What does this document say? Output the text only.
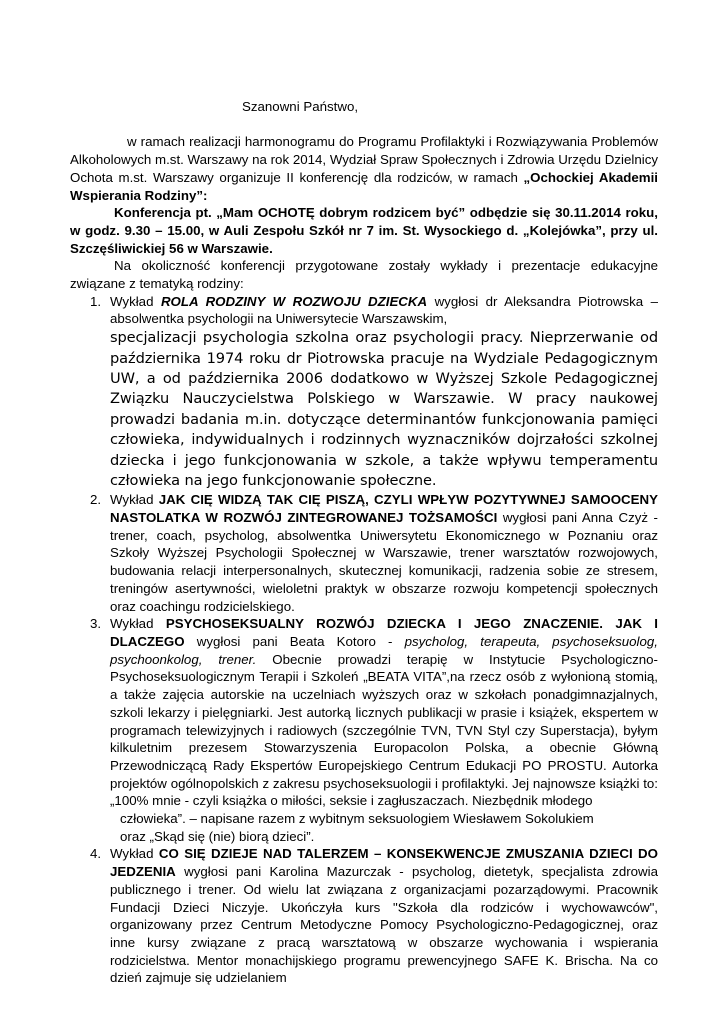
Szanowni Państwo,
w ramach realizacji harmonogramu do Programu Profilaktyki i Rozwiązywania Problemów Alkoholowych m.st. Warszawy na rok 2014, Wydział Spraw Społecznych i Zdrowia Urzędu Dzielnicy Ochota m.st. Warszawy organizuje II konferencję dla rodziców, w ramach „Ochockiej Akademii Wspierania Rodziny”:
Konferencja pt. „Mam OCHOTĘ dobrym rodzicem być” odbędzie się 30.11.2014 roku, w godz. 9.30 – 15.00, w Auli Zespołu Szkół nr 7 im. St. Wysockiego d. „Kolejówka”, przy ul. Szczęśliwickiej 56 w Warszawie.
Na okoliczność konferencji przygotowane zostały wykłady i prezentacje edukacyjne związane z tematyką rodziny:
1. Wykład ROLA RODZINY W ROZWOJU DZIECKA wygłosi dr Aleksandra Piotrowska – absolwentka psychologii na Uniwersytecie Warszawskim,
specjalizacji psychologia szkolna oraz psychologii pracy. Nieprzerwanie od października 1974 roku dr Piotrowska pracuje na Wydziale Pedagogicznym UW, a od października 2006 dodatkowo w Wyższej Szkole Pedagogicznej Związku Nauczycielstwa Polskiego w Warszawie. W pracy naukowej prowadzi badania m.in. dotyczące determinantów funkcjonowania pamięci człowieka, indywidualnych i rodzinnych wyznaczników dojrzałości szkolnej dziecka i jego funkcjonowania w szkole, a także wpływu temperamentu człowieka na jego funkcjonowanie społeczne.
2. Wykład JAK CIĘ WIDZĄ TAK CIĘ PISZĄ, CZYLI WPŁYW POZYTYWNEJ SAMOOCENY NASTOLATKA W ROZWÓJ ZINTEGROWANEJ TOŻSAMOŚCI wygłosi pani Anna Czyż - trener, coach, psycholog, absolwentka Uniwersytetu Ekonomicznego w Poznaniu oraz Szkoły Wyższej Psychologii Społecznej w Warszawie, trener warsztatów rozwojowych, budowania relacji interpersonalnych, skutecznej komunikacji, radzenia sobie ze stresem, treningów asertywności, wieloletni praktyk w obszarze rozwoju kompetencji społecznych oraz coachingu rodzicielskiego.
3. Wykład PSYCHOSEKSUALNY ROZWÓJ DZIECKA I JEGO ZNACZENIE. JAK I DLACZEGO wygłosi pani Beata Kotoro - psycholog, terapeuta, psychoseksuolog, psychoonkolog, trener. Obecnie prowadzi terapię w Instytucie Psychologiczno-Psychoseksuologicznym Terapii i Szkoleń „BEATA VITA”,na rzecz osób z wyłonioną stomią, a także zajęcia autorskie na uczelniach wyższych oraz w szkołach ponadgimnazjalnych, szkoli lekarzy i pielęgniarki. Jest autorką licznych publikacji w prasie i książek, ekspertem w programach telewizyjnych i radiowych (szczególnie TVN, TVN Styl czy Superstacja), byłym kilkuletnim prezesem Stowarzyszenia Europacolon Polska, a obecnie Główną Przewodniczącą Rady Ekspertów Europejskiego Centrum Edukacji PO PROSTU. Autorka projektów ogólnopolskich z zakresu psychoseksuologii i profilaktyki. Jej najnowsze książki to: „100% mnie - czyli książka o miłości, seksie i zagłuszaczach. Niezbędnik młodego
człowieka”. – napisane razem z wybitnym seksuologiem Wiesławem Sokolukiem
oraz „Skąd się (nie) biorą dzieci”.
4. Wykład CO SIĘ DZIEJE NAD TALERZEM – KONSEKWENCJE ZMUSZANIA DZIECI DO JEDZENIA wygłosi pani Karolina Mazurczak - psycholog, dietetyk, specjalista zdrowia publicznego i trener. Od wielu lat związana z organizacjami pozarządowymi. Pracownik Fundacji Dzieci Niczyje. Ukończyła kurs "Szkoła dla rodziców i wychowawców", organizowany przez Centrum Metodyczne Pomocy Psychologiczno-Pedagogicznej, oraz inne kursy związane z pracą warsztatową w obszarze wychowania i wspierania rodzicielstwa. Mentor monachijskiego programu prewencyjnego SAFE K. Brischa. Na co dzień zajmuje się udzielaniem
